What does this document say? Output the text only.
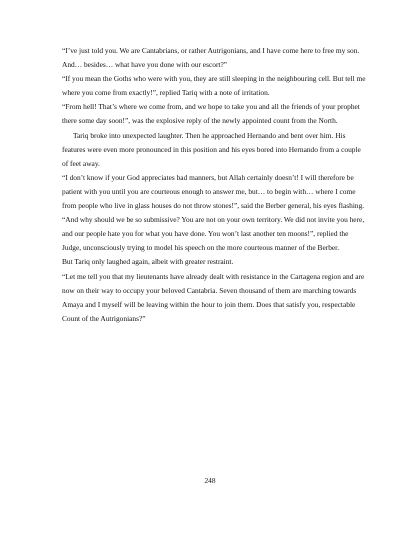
“I’ve just told you. We are Cantabrians, or rather Autrigonians, and I have come here to free my son. And… besides… what have you done with our escort?”

“If you mean the Goths who were with you, they are still sleeping in the neighbouring cell. But tell me where you come from exactly!”, replied Tariq with a note of irritation.

“From hell! That’s where we come from, and we hope to take you and all the friends of your prophet there some day soon!”, was the explosive reply of the newly appointed count from the North.

Tariq broke into unexpected laughter. Then he approached Hernando and bent over him. His features were even more pronounced in this position and his eyes bored into Hernando from a couple of feet away.

“I don’t know if your God appreciates bad manners, but Allah certainly doesn’t! I will therefore be patient with you until you are courteous enough to answer me, but… to begin with… where I come from people who live in glass houses do not throw stones!”, said the Berber general, his eyes flashing.

“And why should we be so submissive? You are not on your own territory. We did not invite you here, and our people hate you for what you have done. You won’t last another ten moons!”, replied the Judge, unconsciously trying to model his speech on the more courteous manner of the Berber.

But Tariq only laughed again, albeit with greater restraint.

“Let me tell you that my lieutenants have already dealt with resistance in the Cartagena region and are now on their way to occupy your beloved Cantabria. Seven thousand of them are marching towards Amaya and I myself will be leaving within the hour to join them. Does that satisfy you, respectable Count of the Autrigonians?”

248
